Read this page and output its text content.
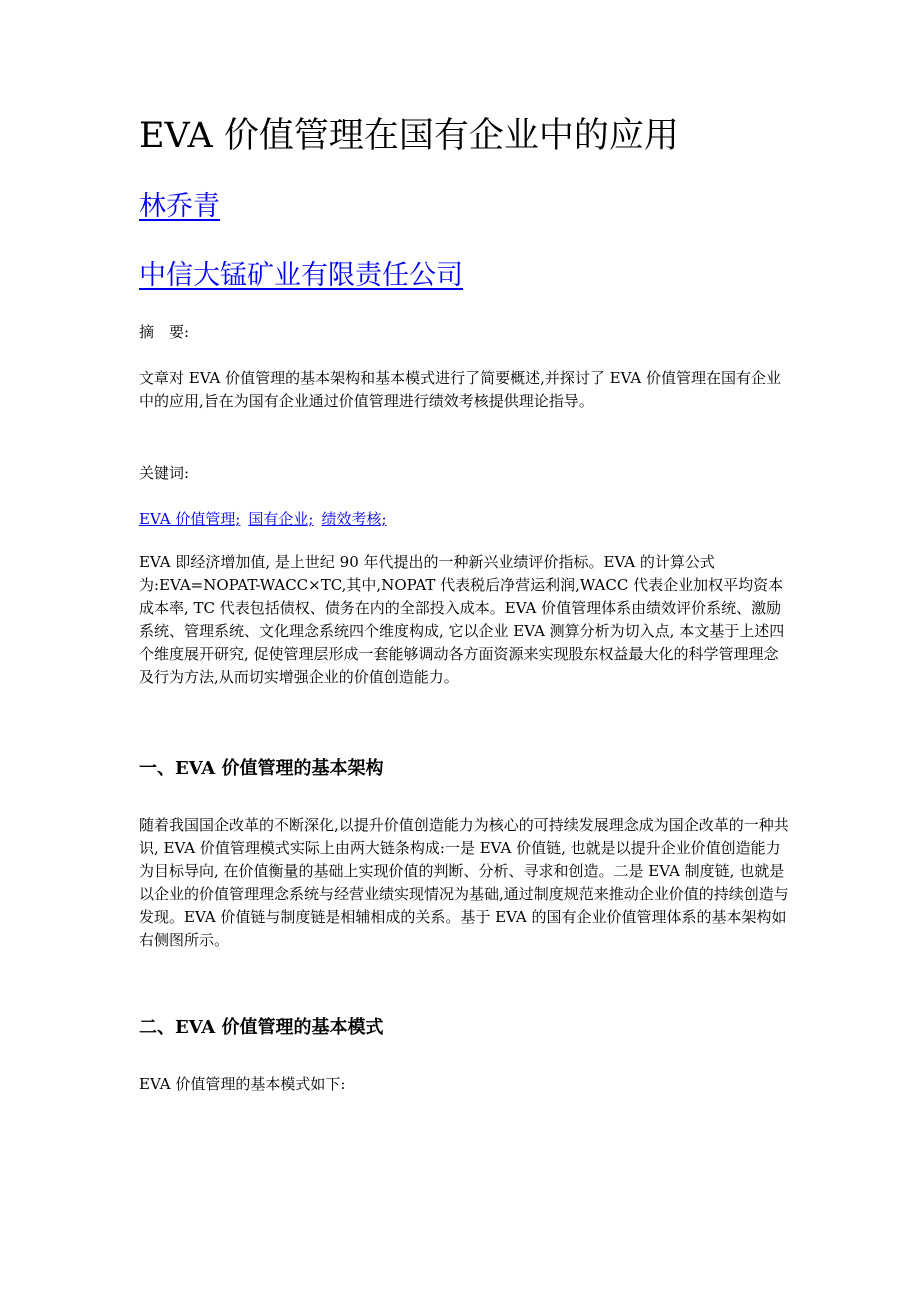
EVA 价值管理在国有企业中的应用
林乔青
中信大锰矿业有限责任公司

摘　要:

文章对 EVA 价值管理的基本架构和基本模式进行了简要概述,并探讨了 EVA 价值管理在国有企业中的应用,旨在为国有企业通过价值管理进行绩效考核提供理论指导。

关键词:

EVA 价值管理; 国有企业; 绩效考核;

EVA 即经济增加值, 是上世纪 90 年代提出的一种新兴业绩评价指标。EVA 的计算公式为:EVA=NOPAT-WACC×TC,其中,NOPAT 代表税后净营运利润,WACC 代表企业加权平均资本成本率, TC 代表包括债权、债务在内的全部投入成本。EVA 价值管理体系由绩效评价系统、激励系统、管理系统、文化理念系统四个维度构成, 它以企业 EVA 测算分析为切入点, 本文基于上述四个维度展开研究, 促使管理层形成一套能够调动各方面资源来实现股东权益最大化的科学管理理念及行为方法,从而切实增强企业的价值创造能力。

一、EVA 价值管理的基本架构

随着我国国企改革的不断深化,以提升价值创造能力为核心的可持续发展理念成为国企改革的一种共识, EVA 价值管理模式实际上由两大链条构成:一是 EVA 价值链, 也就是以提升企业价值创造能力为目标导向, 在价值衡量的基础上实现价值的判断、分析、寻求和创造。二是 EVA 制度链, 也就是以企业的价值管理理念系统与经营业绩实现情况为基础,通过制度规范来推动企业价值的持续创造与发现。EVA 价值链与制度链是相辅相成的关系。基于 EVA 的国有企业价值管理体系的基本架构如右侧图所示。

二、EVA 价值管理的基本模式

EVA 价值管理的基本模式如下:
